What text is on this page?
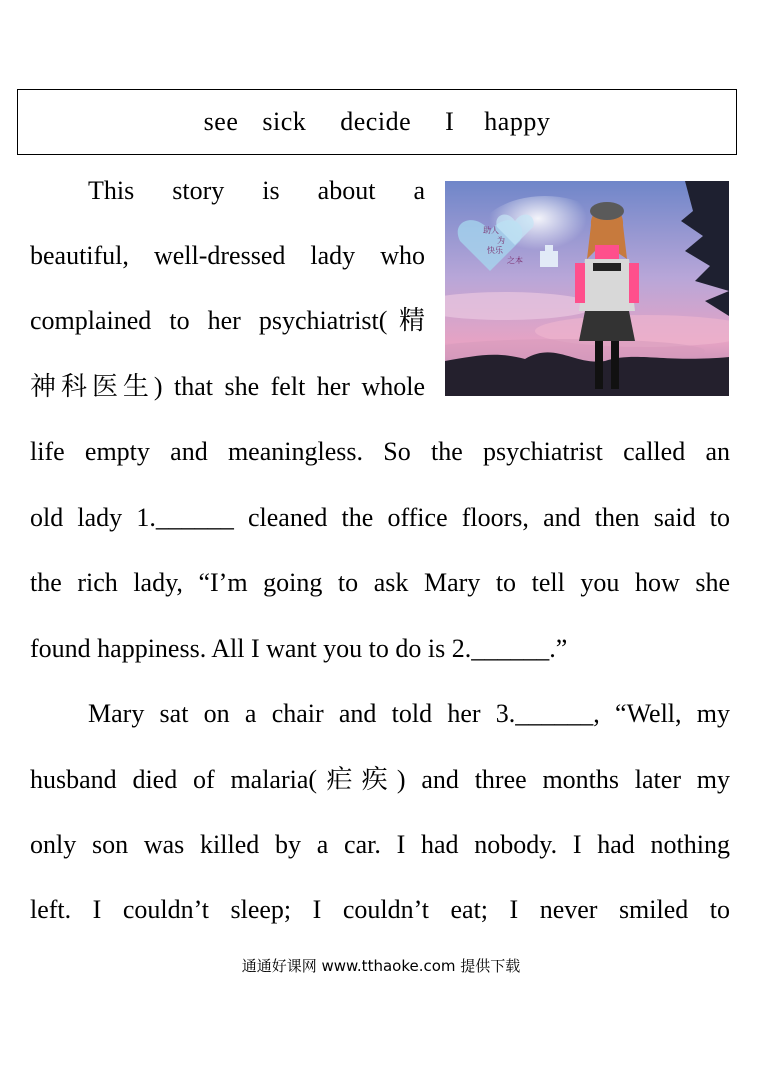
see sick decide I happy
This story is about a
beautiful, well-dressed lady who
complained to her psychiatrist(精
神科医生) that she felt her whole
助人
为
快乐
之本
life empty and meaningless. So the psychiatrist called an
old lady 1.______ cleaned the office floors, and then said to
the rich lady, “I’m going to ask Mary to tell you how she
found happiness. All I want you to do is 2.______.”
Mary sat on a chair and told her 3.______, “Well, my
husband died of malaria(疟疾) and three months later my
only son was killed by a car. I had nobody. I had nothing
left. I couldn’t sleep; I couldn’t eat; I never smiled to
通通好课网 www.tthaoke.com 提供下载
